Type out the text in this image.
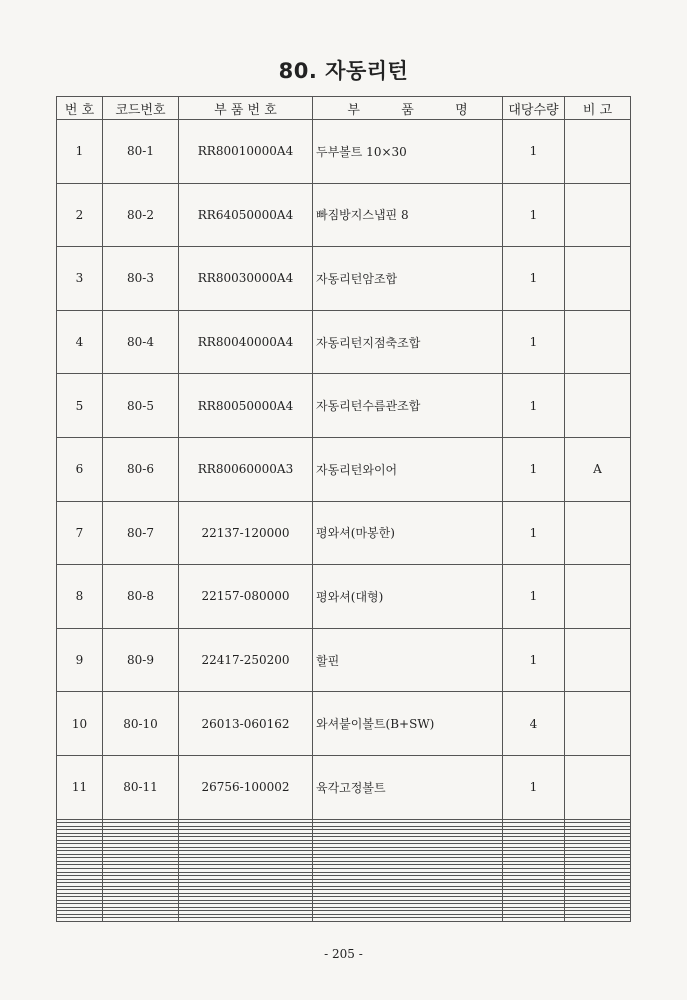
80. 자동리턴
번 호	코드번호	부 품 번 호	부          품          명	대당수량	비 고
1	80-1	RR80010000A4	두부볼트 10×30	1	
2	80-2	RR64050000A4	빠짐방지스냅핀 8	1	
3	80-3	RR80030000A4	자동리턴암조합	1	
4	80-4	RR80040000A4	자동리턴지점축조합	1	
5	80-5	RR80050000A4	자동리턴수름관조합	1	
6	80-6	RR80060000A3	자동리턴와이어	1	A
7	80-7	22137-120000	평와셔(마봉한)	1	
8	80-8	22157-080000	평와셔(대형)	1	
9	80-9	22417-250200	할핀	1	
10	80-10	26013-060162	와셔붙이볼트(B+SW)	4	
11	80-11	26756-100002	육각고정볼트	1	

- 205 -
